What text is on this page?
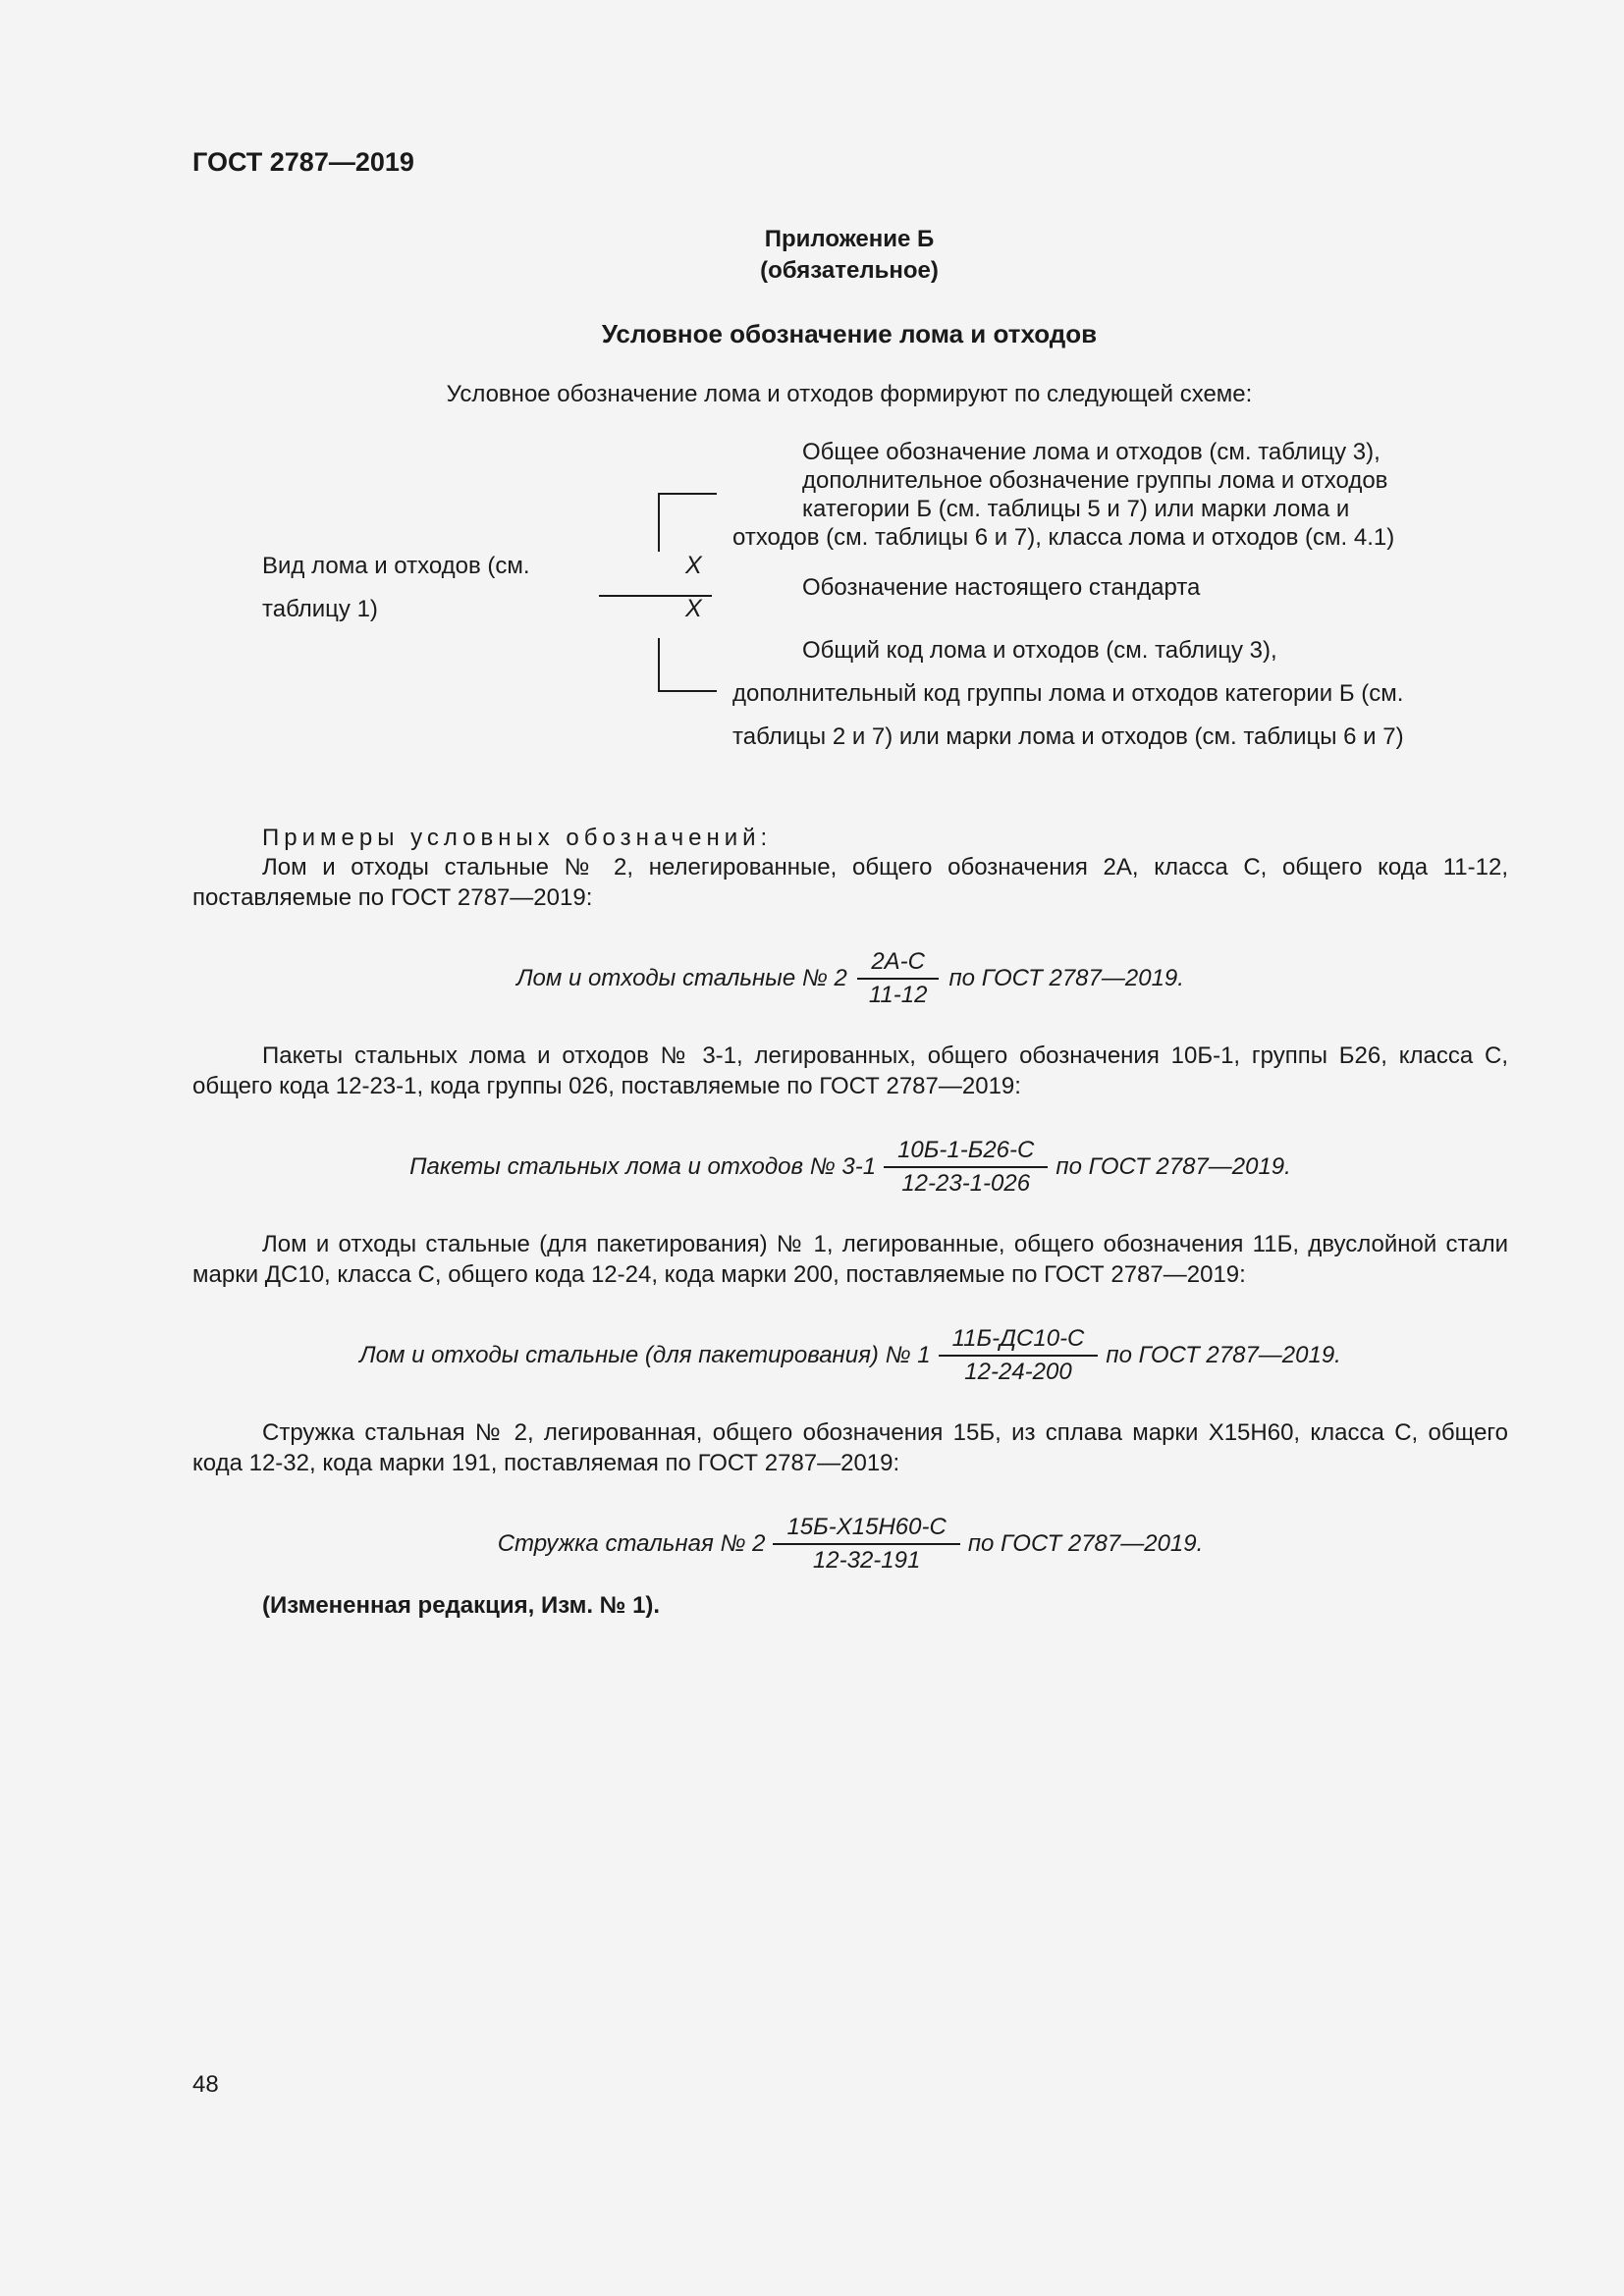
ГОСТ 2787—2019
Приложение Б
(обязательное)
Условное обозначение лома и отходов
Условное обозначение лома и отходов формируют по следующей схеме:
Вид лома и отходов (см.
таблицу 1)
X
X
Общее обозначение лома и отходов (см. таблицу 3),
дополнительное обозначение группы лома и отходов
категории Б (см. таблицы 5 и 7) или марки лома и
отходов (см. таблицы 6 и 7), класса лома и отходов (см. 4.1)
Обозначение настоящего стандарта
Общий код лома и отходов (см. таблицу 3),
дополнительный код группы лома и отходов категории Б (см.
таблицы 2 и 7) или марки лома и отходов (см. таблицы 6 и 7)
Примеры условных обозначений:
Лом и отходы стальные № 2, нелегированные, общего обозначения 2А, класса С, общего кода 11-12, поставляемые по ГОСТ 2787—2019:
Лом и отходы стальные № $2 \frac{2А-С}{11-12}$ по ГОСТ 2787—2019.
Пакеты стальных лома и отходов № 3-1, легированных, общего обозначения 10Б-1, группы Б26, класса С, общего кода 12-23-1, кода группы 026, поставляемые по ГОСТ 2787—2019:
Пакеты стальных лома и отходов № $3-1 \frac{10Б-1-Б26-С}{12-23-1-026}$ по ГОСТ 2787—2019.
Лом и отходы стальные (для пакетирования) № 1, легированные, общего обозначения 11Б, двуслойной стали марки ДС10, класса С, общего кода 12-24, кода марки 200, поставляемые по ГОСТ 2787—2019:
Лом и отходы стальные (для пакетирования) № $1 \frac{11Б-ДС10-С}{12-24-200}$ по ГОСТ 2787—2019.
Стружка стальная № 2, легированная, общего обозначения 15Б, из сплава марки Х15Н60, класса С, общего кода 12-32, кода марки 191, поставляемая по ГОСТ 2787—2019:
Стружка стальная № $2 \frac{15Б-Х15Н60-С}{12-32-191}$ по ГОСТ 2787—2019.
(Измененная редакция, Изм. № 1).
48
